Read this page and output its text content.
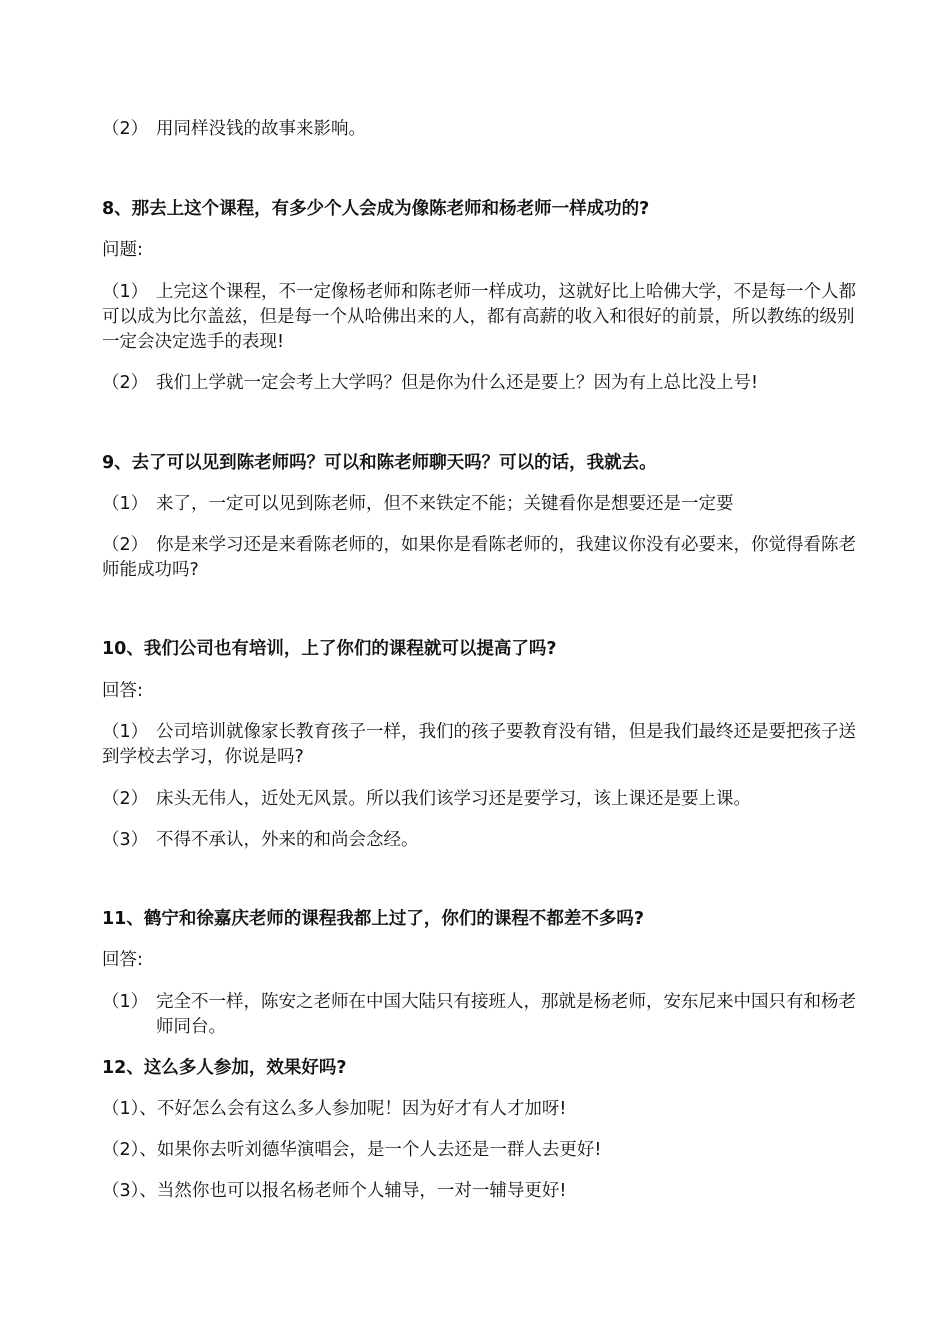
（2） 用同样没钱的故事来影响。
8、那去上这个课程，有多少个人会成为像陈老师和杨老师一样成功的?
问题:
（1） 上完这个课程，不一定像杨老师和陈老师一样成功，这就好比上哈佛大学，不是每一个人都可以成为比尔盖兹，但是每一个从哈佛出来的人，都有高薪的收入和很好的前景，所以教练的级别一定会决定选手的表现!
（2） 我们上学就一定会考上大学吗？但是你为什么还是要上？因为有上总比没上号!
9、去了可以见到陈老师吗？可以和陈老师聊天吗？可以的话，我就去。
（1） 来了，一定可以见到陈老师，但不来铁定不能；关键看你是想要还是一定要
（2） 你是来学习还是来看陈老师的，如果你是看陈老师的，我建议你没有必要来，你觉得看陈老师能成功吗?
10、我们公司也有培训，上了你们的课程就可以提高了吗?
回答:
（1） 公司培训就像家长教育孩子一样，我们的孩子要教育没有错，但是我们最终还是要把孩子送到学校去学习，你说是吗?
（2） 床头无伟人，近处无风景。所以我们该学习还是要学习，该上课还是要上课。
（3） 不得不承认，外来的和尚会念经。
11、鹤宁和徐嘉庆老师的课程我都上过了，你们的课程不都差不多吗?
回答:
（1） 完全不一样，陈安之老师在中国大陆只有接班人，那就是杨老师，安东尼来中国只有和杨老师同台。
12、这么多人参加，效果好吗?
（1）、不好怎么会有这么多人参加呢！因为好才有人才加呀!
（2）、如果你去听刘德华演唱会，是一个人去还是一群人去更好!
（3）、当然你也可以报名杨老师个人辅导，一对一辅导更好!
